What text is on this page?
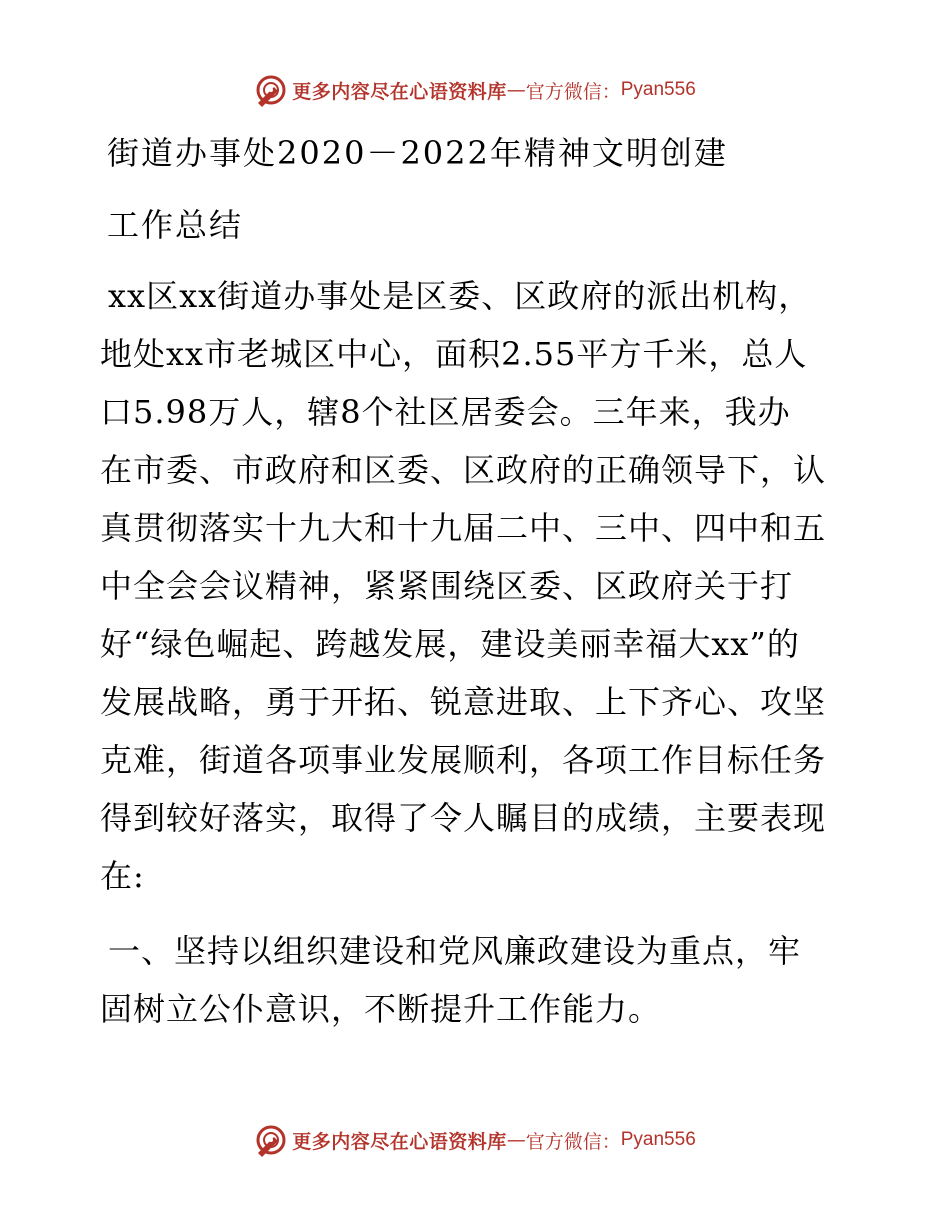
更多内容尽在心语资料库 — 官方微信： Pyan556
街道办事处2020－2022年精神文明创建
工作总结
xx区xx街道办事处是区委、区政府的派出机构，
地处xx市老城区中心，面积2.55平方千米，总人
口5.98万人，辖8个社区居委会。三年来，我办
在市委、市政府和区委、区政府的正确领导下，认
真贯彻落实十九大和十九届二中、三中、四中和五
中全会会议精神，紧紧围绕区委、区政府关于打
好“绿色崛起、跨越发展，建设美丽幸福大xx”的
发展战略，勇于开拓、锐意进取、上下齐心、攻坚
克难，街道各项事业发展顺利，各项工作目标任务
得到较好落实，取得了令人瞩目的成绩，主要表现
在:
一、坚持以组织建设和党风廉政建设为重点，牢
固树立公仆意识，不断提升工作能力。
更多内容尽在心语资料库 — 官方微信： Pyan556
